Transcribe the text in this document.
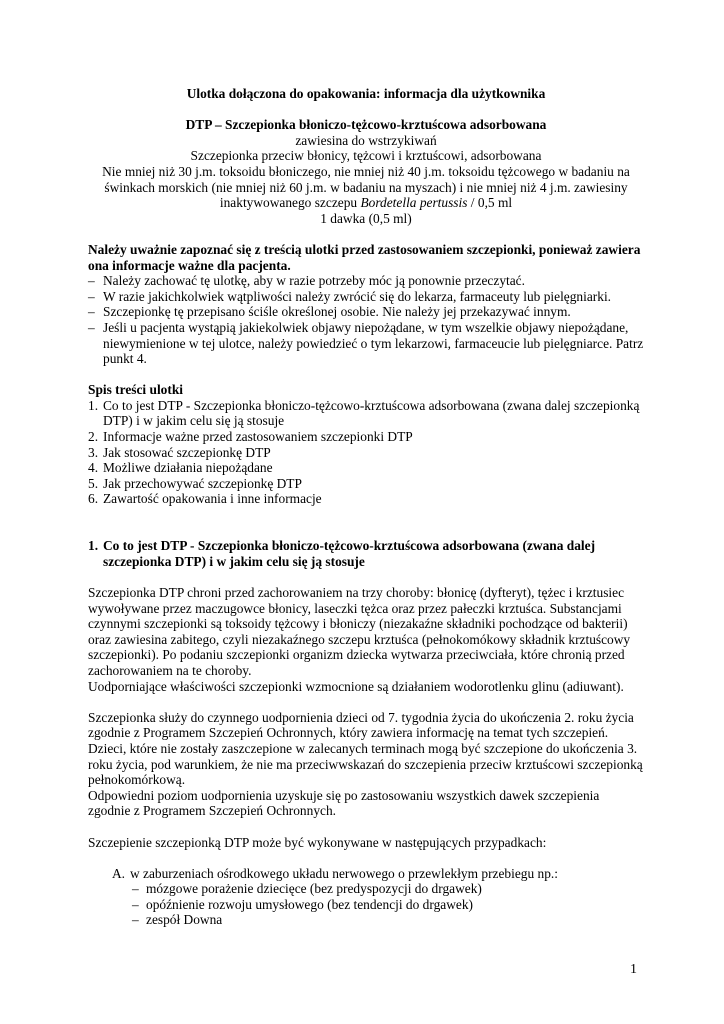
Ulotka dołączona do opakowania: informacja dla użytkownika

DTP – Szczepionka błoniczo-tężcowo-krztuścowa adsorbowana

zawiesina do wstrzykiwań

Szczepionka przeciw błonicy, tężcowi i krztuścowi, adsorbowana

Nie mniej niż 30 j.m. toksoidu błoniczego, nie mniej niż 40 j.m. toksoidu tężcowego w badaniu na świnkach morskich (nie mniej niż 60 j.m. w badaniu na myszach) i nie mniej niż 4 j.m. zawiesiny inaktywowanego szczepu Bordetella pertussis / 0,5 ml

1 dawka (0,5 ml)

Należy uważnie zapoznać się z treścią ulotki przed zastosowaniem szczepionki, ponieważ zawiera ona informacje ważne dla pacjenta.

– Należy zachować tę ulotkę, aby w razie potrzeby móc ją ponownie przeczytać.
– W razie jakichkolwiek wątpliwości należy zwrócić się do lekarza, farmaceuty lub pielęgniarki.
– Szczepionkę tę przepisano ściśle określonej osobie. Nie należy jej przekazywać innym.
– Jeśli u pacjenta wystąpią jakiekolwiek objawy niepożądane, w tym wszelkie objawy niepożądane, niewymienione w tej ulotce, należy powiedzieć o tym lekarzowi, farmaceucie lub pielęgniarce. Patrz punkt 4.

Spis treści ulotki

1. Co to jest DTP - Szczepionka błoniczo-tężcowo-krztuścowa adsorbowana (zwana dalej szczepionką DTP) i w jakim celu się ją stosuje
2. Informacje ważne przed zastosowaniem szczepionki DTP
3. Jak stosować szczepionkę DTP
4. Możliwe działania niepożądane
5. Jak przechowywać szczepionkę DTP
6. Zawartość opakowania i inne informacje

1. Co to jest DTP - Szczepionka błoniczo-tężcowo-krztuścowa adsorbowana (zwana dalej szczepionka DTP) i w jakim celu się ją stosuje

Szczepionka DTP chroni przed zachorowaniem na trzy choroby: błonicę (dyfteryt), tężec i krztusiec wywoływane przez maczugowce błonicy, laseczki tężca oraz przez pałeczki krztuśca. Substancjami czynnymi szczepionki są toksoidy tężcowy i błoniczy (niezakaźne składniki pochodzące od bakterii) oraz zawiesina zabitego, czyli niezakaźnego szczepu krztuśca (pełnokomókowy składnik krztuścowy szczepionki). Po podaniu szczepionki organizm dziecka wytwarza przeciwciała, które chronią przed zachorowaniem na te choroby.

Uodporniające właściwości szczepionki wzmocnione są działaniem wodorotlenku glinu (adiuwant).

Szczepionka służy do czynnego uodpornienia dzieci od 7. tygodnia życia do ukończenia 2. roku życia zgodnie z Programem Szczepień Ochronnych, który zawiera informację na temat tych szczepień. Dzieci, które nie zostały zaszczepione w zalecanych terminach mogą być szczepione do ukończenia 3. roku życia, pod warunkiem, że nie ma przeciwwskazań do szczepienia przeciw krztuścowi szczepionką pełnokomórkową.

Odpowiedni poziom uodpornienia uzyskuje się po zastosowaniu wszystkich dawek szczepienia zgodnie z Programem Szczepień Ochronnych.

Szczepienie szczepionką DTP może być wykonywane w następujących przypadkach:

A. w zaburzeniach ośrodkowego układu nerwowego o przewlekłym przebiegu np.:

– mózgowe porażenie dziecięce (bez predyspozycji do drgawek)
– opóźnienie rozwoju umysłowego (bez tendencji do drgawek)
– zespół Downa
1
